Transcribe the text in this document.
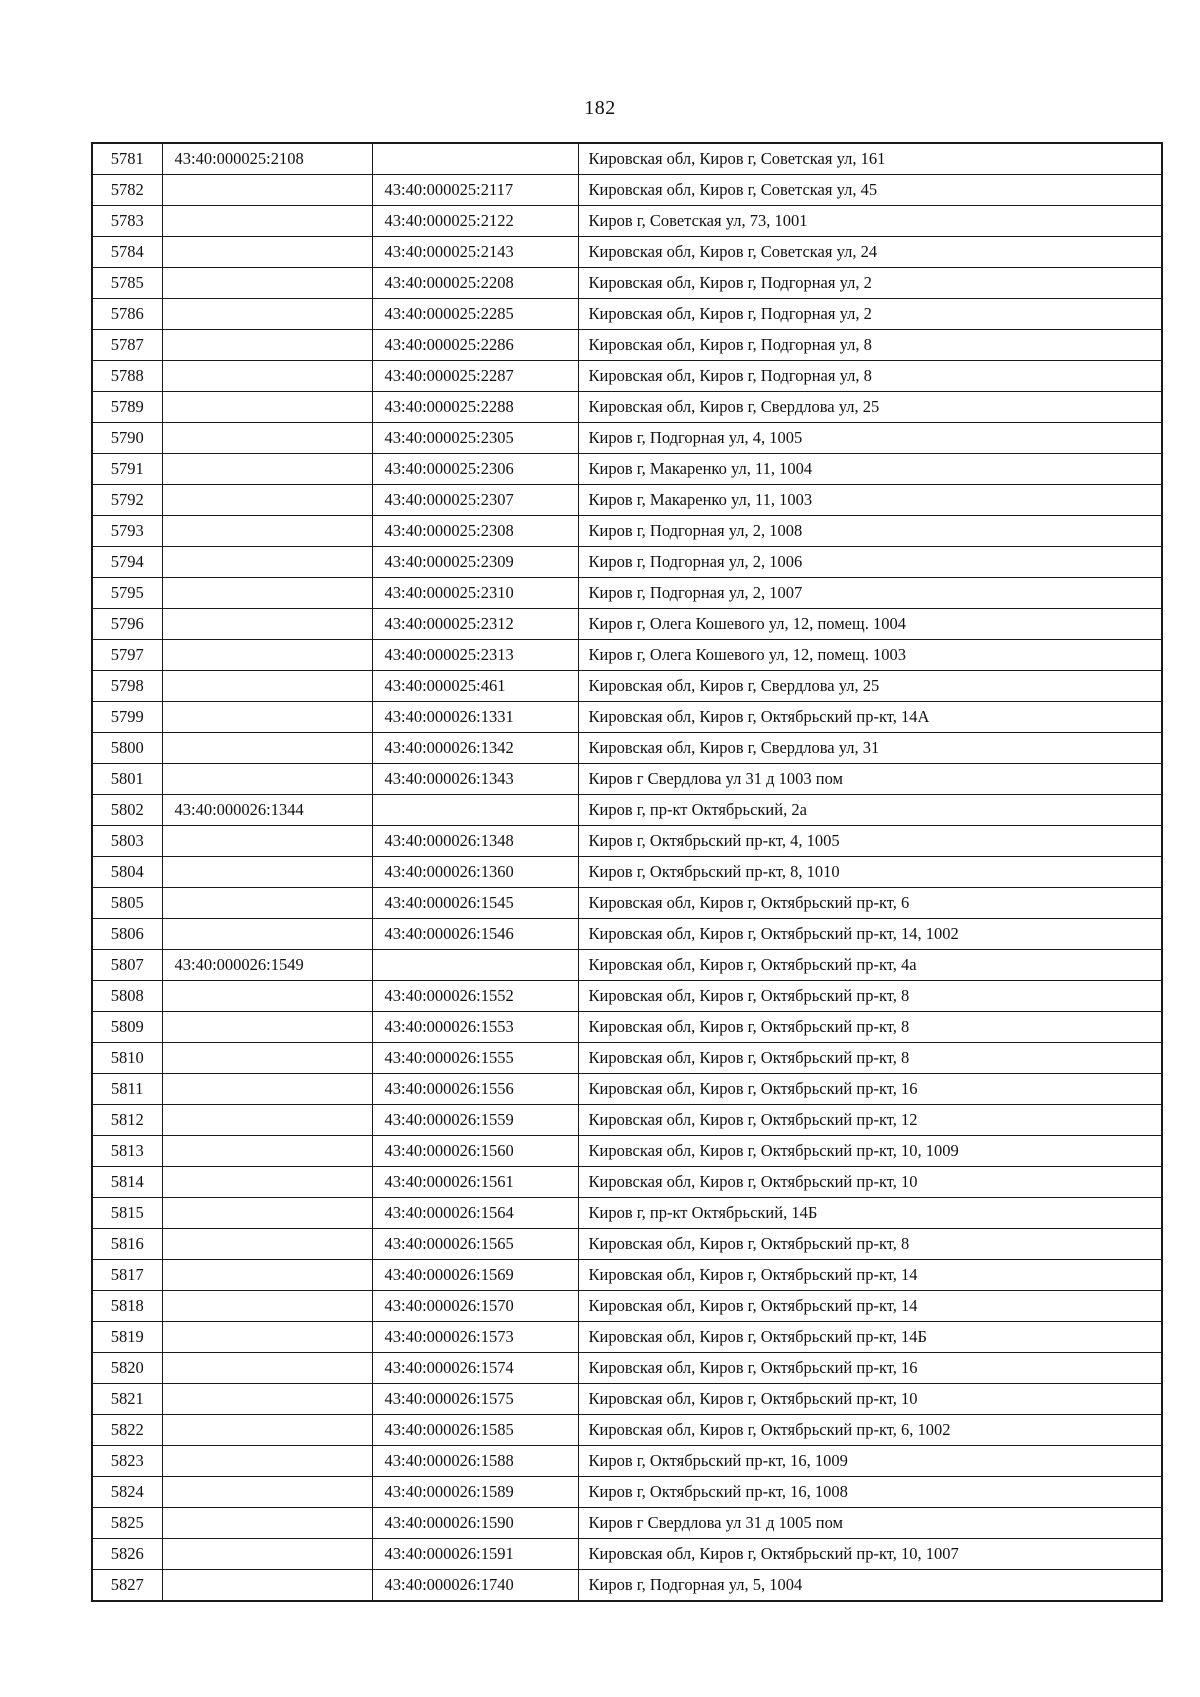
182
5781	43:40:000025:2108		Кировская обл, Киров г, Советская ул, 161
5782		43:40:000025:2117	Кировская обл, Киров г, Советская ул, 45
5783		43:40:000025:2122	Киров г, Советская ул, 73, 1001
5784		43:40:000025:2143	Кировская обл, Киров г, Советская ул, 24
5785		43:40:000025:2208	Кировская обл, Киров г, Подгорная ул, 2
5786		43:40:000025:2285	Кировская обл, Киров г, Подгорная ул, 2
5787		43:40:000025:2286	Кировская обл, Киров г, Подгорная ул, 8
5788		43:40:000025:2287	Кировская обл, Киров г, Подгорная ул, 8
5789		43:40:000025:2288	Кировская обл, Киров г, Свердлова ул, 25
5790		43:40:000025:2305	Киров г, Подгорная ул, 4, 1005
5791		43:40:000025:2306	Киров г, Макаренко ул, 11, 1004
5792		43:40:000025:2307	Киров г, Макаренко ул, 11, 1003
5793		43:40:000025:2308	Киров г, Подгорная ул, 2, 1008
5794		43:40:000025:2309	Киров г, Подгорная ул, 2, 1006
5795		43:40:000025:2310	Киров г, Подгорная ул, 2, 1007
5796		43:40:000025:2312	Киров г, Олега Кошевого ул, 12, помещ. 1004
5797		43:40:000025:2313	Киров г, Олега Кошевого ул, 12, помещ. 1003
5798		43:40:000025:461	Кировская обл, Киров г, Свердлова ул, 25
5799		43:40:000026:1331	Кировская обл, Киров г, Октябрьский пр-кт, 14А
5800		43:40:000026:1342	Кировская обл, Киров г, Свердлова ул, 31
5801		43:40:000026:1343	Киров г Свердлова ул 31 д 1003 пом
5802	43:40:000026:1344		Киров г, пр-кт Октябрьский, 2а
5803		43:40:000026:1348	Киров г, Октябрьский пр-кт, 4, 1005
5804		43:40:000026:1360	Киров г, Октябрьский пр-кт, 8, 1010
5805		43:40:000026:1545	Кировская обл, Киров г, Октябрьский пр-кт, 6
5806		43:40:000026:1546	Кировская обл, Киров г, Октябрьский пр-кт, 14, 1002
5807	43:40:000026:1549		Кировская обл, Киров г, Октябрьский пр-кт, 4а
5808		43:40:000026:1552	Кировская обл, Киров г, Октябрьский пр-кт, 8
5809		43:40:000026:1553	Кировская обл, Киров г, Октябрьский пр-кт, 8
5810		43:40:000026:1555	Кировская обл, Киров г, Октябрьский пр-кт, 8
5811		43:40:000026:1556	Кировская обл, Киров г, Октябрьский пр-кт, 16
5812		43:40:000026:1559	Кировская обл, Киров г, Октябрьский пр-кт, 12
5813		43:40:000026:1560	Кировская обл, Киров г, Октябрьский пр-кт, 10, 1009
5814		43:40:000026:1561	Кировская обл, Киров г, Октябрьский пр-кт, 10
5815		43:40:000026:1564	Киров г, пр-кт Октябрьский, 14Б
5816		43:40:000026:1565	Кировская обл, Киров г, Октябрьский пр-кт, 8
5817		43:40:000026:1569	Кировская обл, Киров г, Октябрьский пр-кт, 14
5818		43:40:000026:1570	Кировская обл, Киров г, Октябрьский пр-кт, 14
5819		43:40:000026:1573	Кировская обл, Киров г, Октябрьский пр-кт, 14Б
5820		43:40:000026:1574	Кировская обл, Киров г, Октябрьский пр-кт, 16
5821		43:40:000026:1575	Кировская обл, Киров г, Октябрьский пр-кт, 10
5822		43:40:000026:1585	Кировская обл, Киров г, Октябрьский пр-кт, 6, 1002
5823		43:40:000026:1588	Киров г, Октябрьский пр-кт, 16, 1009
5824		43:40:000026:1589	Киров г, Октябрьский пр-кт, 16, 1008
5825		43:40:000026:1590	Киров г Свердлова ул 31 д 1005 пом
5826		43:40:000026:1591	Кировская обл, Киров г, Октябрьский пр-кт, 10, 1007
5827		43:40:000026:1740	Киров г, Подгорная ул, 5, 1004
